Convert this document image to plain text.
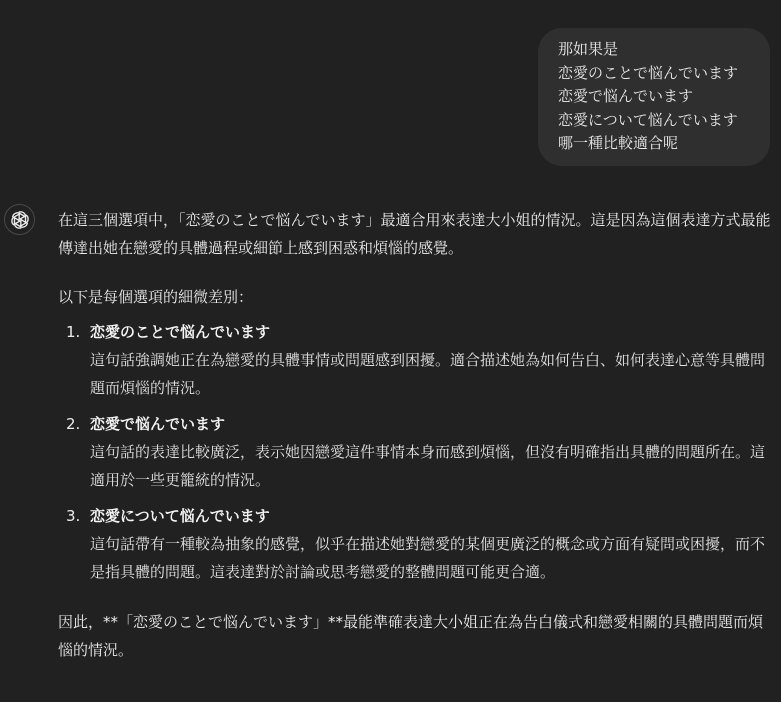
那如果是
恋愛のことで悩んでいます
恋愛で悩んでいます
恋愛について悩んでいます
哪一種比較適合呢

在這三個選項中，「恋愛のことで悩んでいます」最適合用來表達大小姐的情況。這是因為這個表達方式最能傳達出她在戀愛的具體過程或細節上感到困惑和煩惱的感覺。

以下是每個選項的細微差別：

1. 恋愛のことで悩んでいます
這句話強調她正在為戀愛的具體事情或問題感到困擾。適合描述她為如何告白、如何表達心意等具體問題而煩惱的情況。
2. 恋愛で悩んでいます
這句話的表達比較廣泛，表示她因戀愛這件事情本身而感到煩惱，但沒有明確指出具體的問題所在。這適用於一些更籠統的情況。
3. 恋愛について悩んでいます
這句話帶有一種較為抽象的感覺，似乎在描述她對戀愛的某個更廣泛的概念或方面有疑問或困擾，而不是指具體的問題。這表達對於討論或思考戀愛的整體問題可能更合適。

因此，**「恋愛のことで悩んでいます」**最能準確表達大小姐正在為告白儀式和戀愛相關的具體問題而煩惱的情況。
